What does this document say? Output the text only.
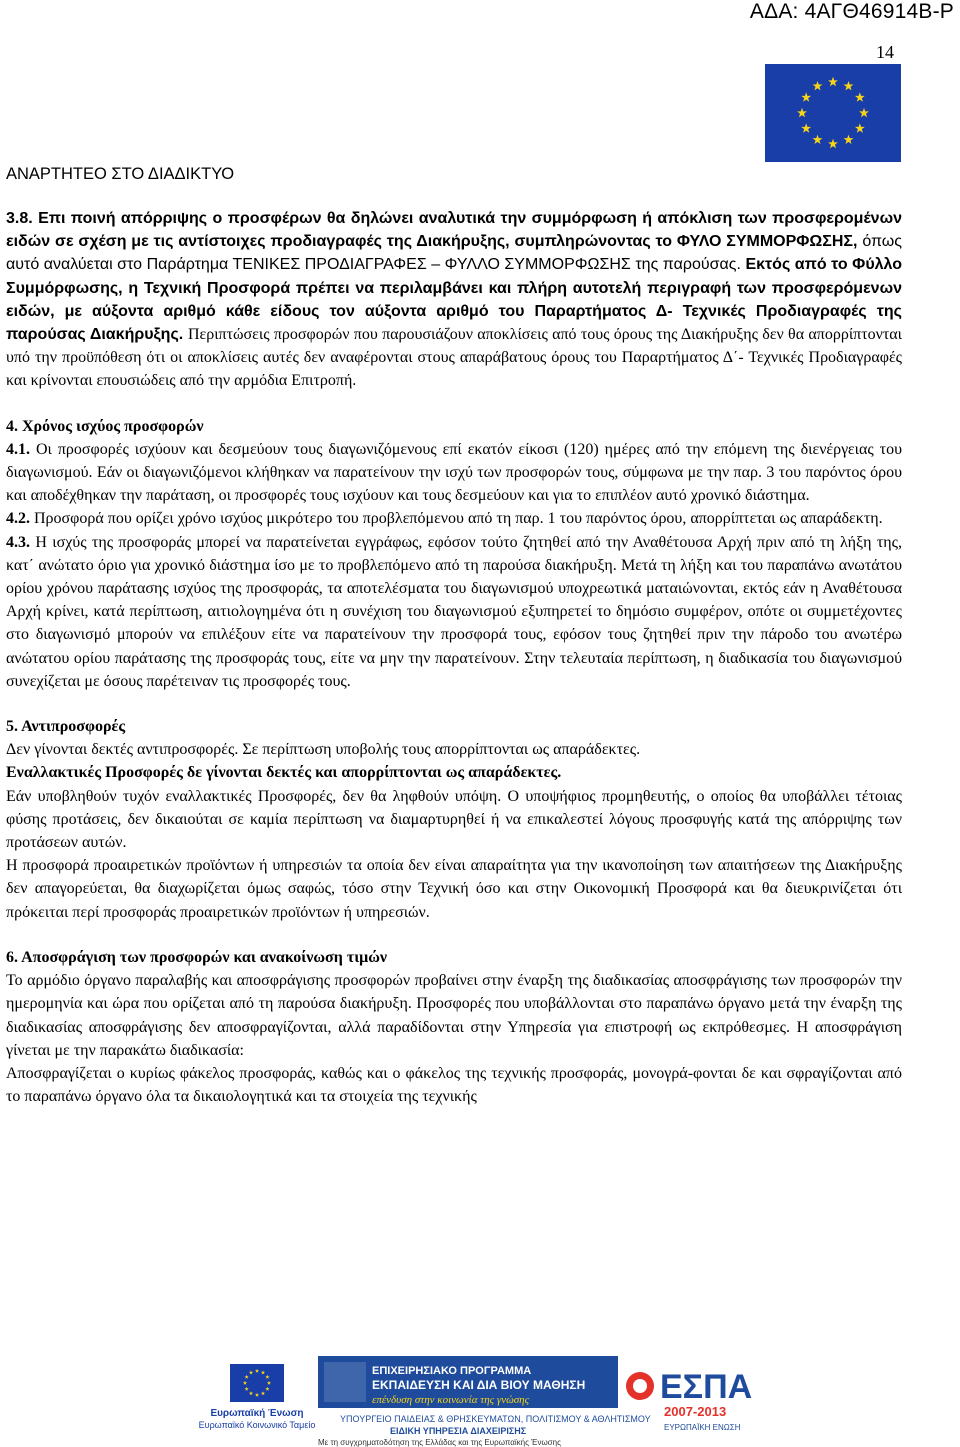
ΑΔΑ: 4ΑΓΘ46914Β-Ρ
14
ΑΝΑΡΤΗΤΕΟ ΣΤΟ ΔΙΑΔΙΚΤΥΟ

3.8. Επι ποινή απόρριψης ο προσφέρων θα δηλώνει αναλυτικά την συμμόρφωση ή απόκλιση των προσφερομένων ειδών σε σχέση με τις αντίστοιχες προδιαγραφές της Διακήρυξης, συμπληρώνοντας το ΦΥΛΟ ΣΥΜΜΟΡΦΩΣΗΣ, όπως αυτό αναλύεται στο Παράρτημα ΤΕΝΙΚΕΣ ΠΡΟΔΙΑΓΡΑΦΕΣ – ΦΥΛΛΟ ΣΥΜΜΟΡΦΩΣΗΣ της παρούσας. Εκτός από το Φύλλο Συμμόρφωσης, η Τεχνική Προσφορά πρέπει να περιλαμβάνει και πλήρη αυτοτελή περιγραφή των προσφερόμενων ειδών, με αύξοντα αριθμό κάθε είδους τον αύξοντα αριθμό του Παραρτήματος Δ- Τεχνικές Προδιαγραφές της παρούσας Διακήρυξης. Περιπτώσεις προσφορών που παρουσιάζουν αποκλίσεις από τους όρους της Διακήρυξης δεν θα απορρίπτονται υπό την προϋπόθεση ότι οι αποκλίσεις αυτές δεν αναφέρονται στους απαράβατους όρους του Παραρτήματος Δ΄- Τεχνικές Προδιαγραφές και κρίνονται επουσιώδεις από την αρμόδια Επιτροπή.

4. Χρόνος ισχύος προσφορών

4.1. Οι προσφορές ισχύουν και δεσμεύουν τους διαγωνιζόμενους επί εκατόν είκοσι (120) ημέρες από την επόμενη της διενέργειας του διαγωνισμού. Εάν οι διαγωνιζόμενοι κλήθηκαν να παρατείνουν την ισχύ των προσφορών τους, σύμφωνα με την παρ. 3 του παρόντος όρου και αποδέχθηκαν την παράταση, οι προσφορές τους ισχύουν και τους δεσμεύουν και για το επιπλέον αυτό χρονικό διάστημα.

4.2. Προσφορά που ορίζει χρόνο ισχύος μικρότερο του προβλεπόμενου από τη παρ. 1 του παρόντος όρου, απορρίπτεται ως απαράδεκτη.

4.3. Η ισχύς της προσφοράς μπορεί να παρατείνεται εγγράφως, εφόσον τούτο ζητηθεί από την Αναθέτουσα Αρχή πριν από τη λήξη της, κατ΄ ανώτατο όριο για χρονικό διάστημα ίσο με το προβλεπόμενο από τη παρούσα διακήρυξη. Μετά τη λήξη και του παραπάνω ανωτάτου ορίου χρόνου παράτασης ισχύος της προσφοράς, τα αποτελέσματα του διαγωνισμού υποχρεωτικά ματαιώνονται, εκτός εάν η Αναθέτουσα Αρχή κρίνει, κατά περίπτωση, αιτιολογημένα ότι η συνέχιση του διαγωνισμού εξυπηρετεί το δημόσιο συμφέρον, οπότε οι συμμετέχοντες στο διαγωνισμό μπορούν να επιλέξουν είτε να παρατείνουν την προσφορά τους, εφόσον τους ζητηθεί πριν την πάροδο του ανωτέρω ανώτατου ορίου παράτασης της προσφοράς τους, είτε να μην την παρατείνουν. Στην τελευταία περίπτωση, η διαδικασία του διαγωνισμού συνεχίζεται με όσους παρέτειναν τις προσφορές τους.

5. Αντιπροσφορές

Δεν γίνονται δεκτές αντιπροσφορές. Σε περίπτωση υποβολής τους απορρίπτονται ως απαράδεκτες.

Εναλλακτικές Προσφορές δε γίνονται δεκτές και απορρίπτονται ως απαράδεκτες.

Εάν υποβληθούν τυχόν εναλλακτικές Προσφορές, δεν θα ληφθούν υπόψη. Ο υποψήφιος προμηθευτής, ο οποίος θα υποβάλλει τέτοιας φύσης προτάσεις, δεν δικαιούται σε καμία περίπτωση να διαμαρτυρηθεί ή να επικαλεστεί λόγους προσφυγής κατά της απόρριψης των προτάσεων αυτών.

Η προσφορά προαιρετικών προϊόντων ή υπηρεσιών τα οποία δεν είναι απαραίτητα για την ικανοποίηση των απαιτήσεων της Διακήρυξης δεν απαγορεύεται, θα διαχωρίζεται όμως σαφώς, τόσο στην Τεχνική όσο και στην Οικονομική Προσφορά και θα διευκρινίζεται ότι πρόκειται περί προσφοράς προαιρετικών προϊόντων ή υπηρεσιών.

6. Αποσφράγιση των προσφορών και ανακοίνωση τιμών

Το αρμόδιο όργανο παραλαβής και αποσφράγισης προσφορών προβαίνει στην έναρξη της διαδικασίας αποσφράγισης των προσφορών την ημερομηνία και ώρα που ορίζεται από τη παρούσα διακήρυξη. Προσφορές που υποβάλλονται στο παραπάνω όργανο μετά την έναρξη της διαδικασίας αποσφράγισης δεν αποσφραγίζονται, αλλά παραδίδονται στην Υπηρεσία για επιστροφή ως εκπρόθεσμες. Η αποσφράγιση γίνεται με την παρακάτω διαδικασία:

Αποσφραγίζεται ο κυρίως φάκελος προσφοράς, καθώς και ο φάκελος της τεχνικής προσφοράς, μονογρά-φονται δε και σφραγίζονται από το παραπάνω όργανο όλα τα δικαιολογητικά και τα στοιχεία της τεχνικής

Ευρωπαϊκή Ένωση
Ευρωπαϊκό Κοινωνικό Ταμείο
ΕΠΙΧΕΙΡΗΣΙΑΚΟ ΠΡΟΓΡΑΜΜΑ
ΕΚΠΑΙΔΕΥΣΗ ΚΑΙ ΔΙΑ ΒΙΟΥ ΜΑΘΗΣΗ
επένδυση στην κοινωνία της γνώσης
ΥΠΟΥΡΓΕΙΟ ΠΑΙΔΕΙΑΣ & ΘΡΗΣΚΕΥΜΑΤΩΝ, ΠΟΛΙΤΙΣΜΟΥ & ΑΘΛΗΤΙΣΜΟΥ
ΕΙΔΙΚΗ ΥΠΗΡΕΣΙΑ ΔΙΑΧΕΙΡΙΣΗΣ
Με τη συγχρηματοδότηση της Ελλάδας και της Ευρωπαϊκής Ένωσης
ΕΣΠΑ
2007-2013
ΕΥΡΩΠΑΪΚΗ ΕΝΩΣΗ
